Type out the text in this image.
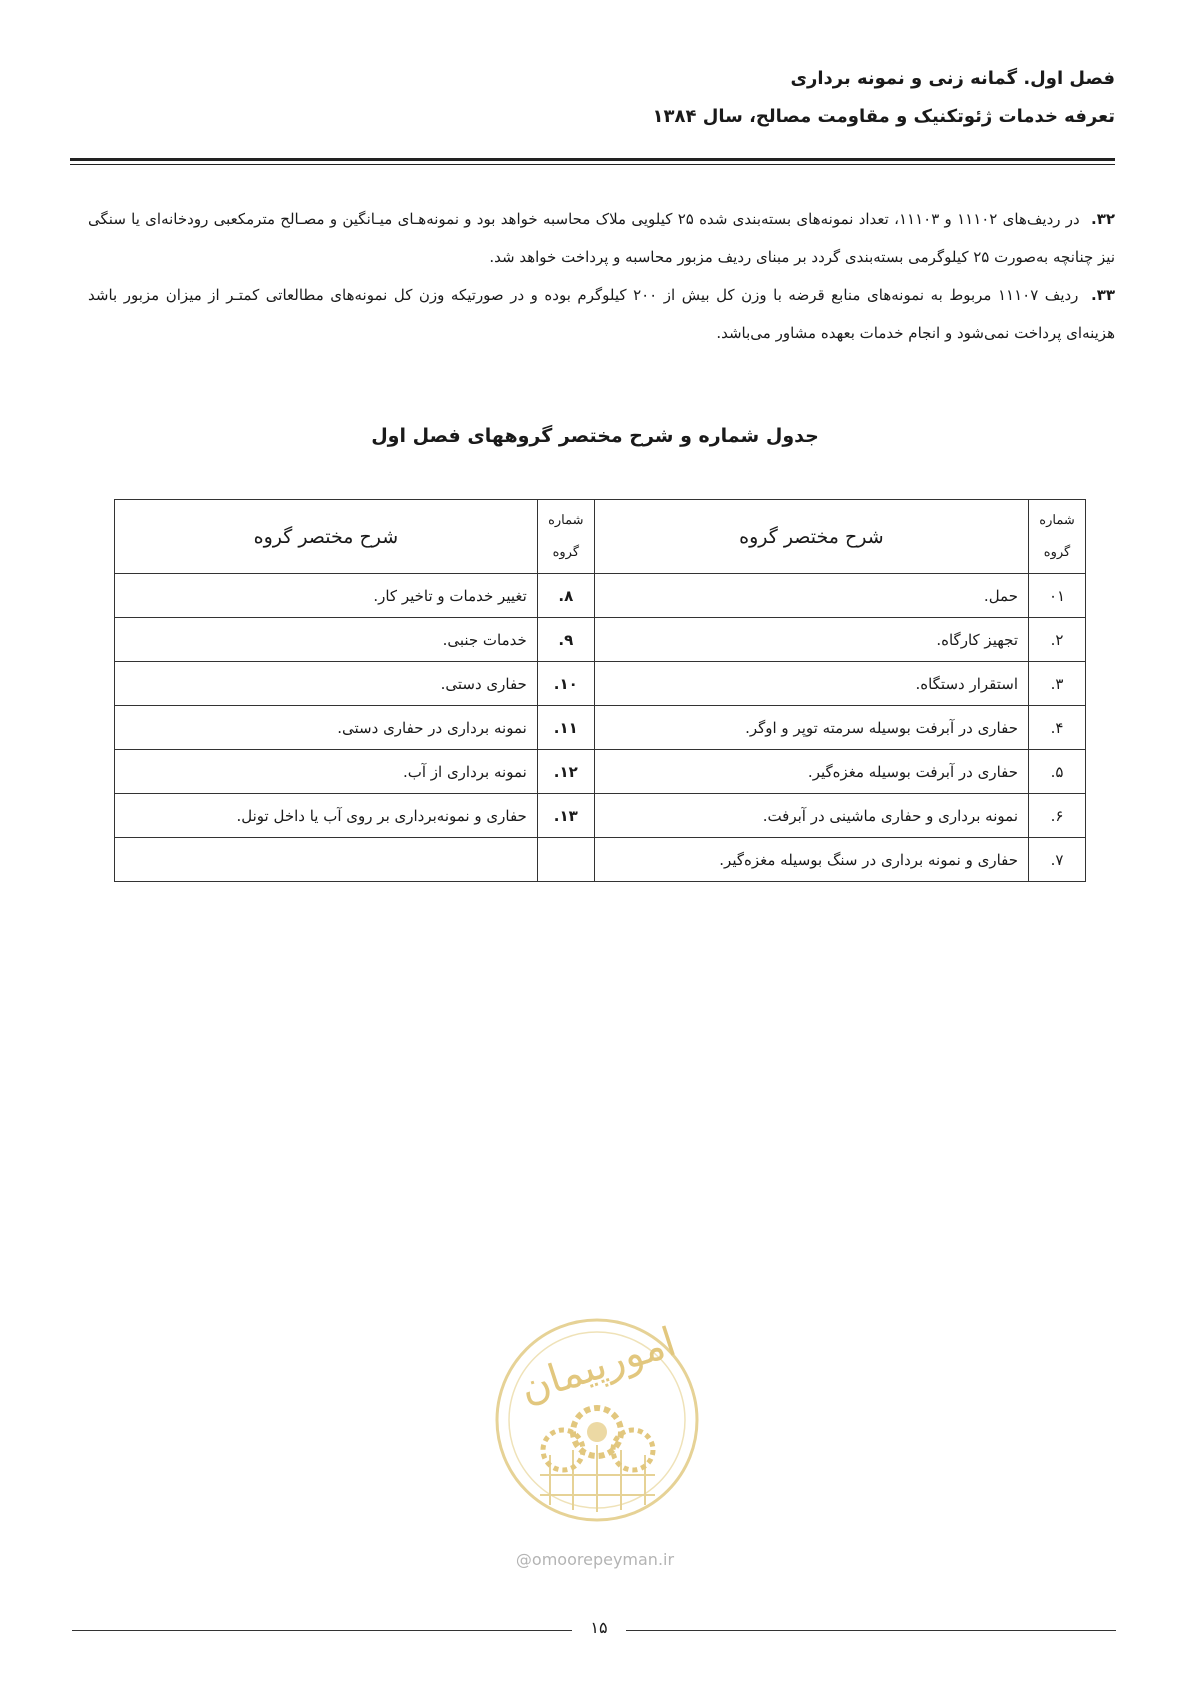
فصل اول. گمانه زنی و نمونه برداری
تعرفه خدمات ژئوتکنیک و مقاومت مصالح، سال ۱۳۸۴

۳۲. در ردیف‌های ۱۱۱۰۲ و ۱۱۱۰۳، تعداد نمونه‌های بسته‌بندی شده ۲۵ کیلویی ملاک محاسبه خواهد بود و نمونه‌هـای میـانگین و مصـالح مترمکعبی رودخانه‌ای یا سنگی نیز چنانچه به‌صورت ۲۵ کیلوگرمی بسته‌بندی گردد بر مبنای ردیف مزبور محاسبه و پرداخت خواهد شد.

۳۳. ردیف ۱۱۱۰۷ مربوط به نمونه‌های منابع قرضه با وزن کل بیش از ۲۰۰ کیلوگرم بوده و در صورتیکه وزن کل نمونه‌های مطالعاتی کمتـر از میزان مزبور باشد هزینه‌ای پرداخت نمی‌شود و انجام خدمات بعهده مشاور می‌باشد.

جدول شماره و شرح مختصر گروههای فصل اول
شماره گروه	شرح مختصر گروه	شماره گروه	شرح مختصر گروه
۰۱	حمل.	۸.	تغییر خدمات و تاخیر کار.
۲.	تجهیز کارگاه.	۹.	خدمات جنبی.
۳.	استقرار دستگاه.	۱۰.	حفاری دستی.
۴.	حفاری در آبرفت بوسیله سرمته توپر و اوگر.	۱۱.	نمونه برداری در حفاری دستی.
۵.	حفاری در آبرفت بوسیله مغزه‌گیر.	۱۲.	نمونه برداری از آب.
۶.	نمونه برداری و حفاری ماشینی در آبرفت.	۱۳.	حفاری و نمونه‌برداری بر روی آب یا داخل تونل.
۷.	حفاری و نمونه برداری در سنگ بوسیله مغزه‌گیر.		
امورپیمان
@omoorepeyman.ir
۱۵
